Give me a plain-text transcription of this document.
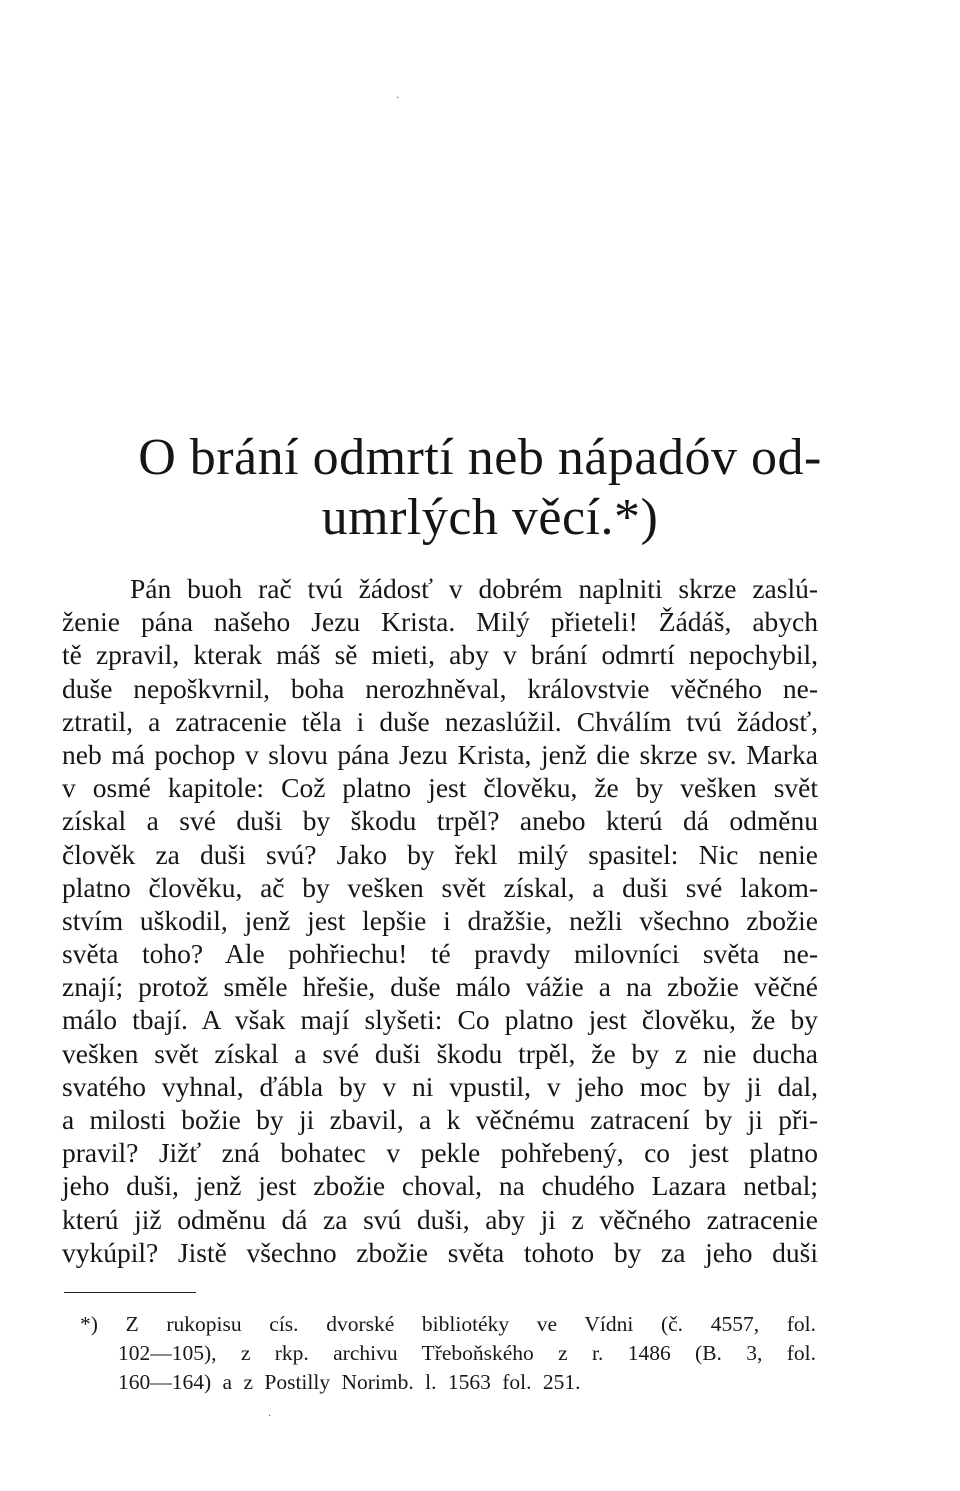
·
O brání odmrtí neb nápadóv od-
umrlých věcí.*)
Pán buoh rač tvú žádosť v dobrém naplniti skrze zaslú-
ženie pána našeho Jezu Krista. Milý přieteli! Žádáš, abych
tě zpravil, kterak máš sě mieti, aby v brání odmrtí nepochybil,
duše nepoškvrnil, boha nerozhněval, královstvie věčného ne-
ztratil, a zatracenie těla i duše nezaslúžil. Chválím tvú žádosť,
neb má pochop v slovu pána Jezu Krista, jenž die skrze sv. Marka
v osmé kapitole: Což platno jest člověku, že by vešken svět
získal a své duši by škodu trpěl? anebo kterú dá odměnu
člověk za duši svú? Jako by řekl milý spasitel: Nic nenie
platno člověku, ač by vešken svět získal, a duši své lakom-
stvím uškodil, jenž jest lepšie i dražšie, nežli všechno zbožie
světa toho? Ale pohřiechu! té pravdy milovníci světa ne-
znají; protož směle hřešie, duše málo vážie a na zbožie věčné
málo tbají. A však mají slyšeti: Co platno jest člověku, že by
vešken svět získal a své duši škodu trpěl, že by z nie ducha
svatého vyhnal, ďábla by v ni vpustil, v jeho moc by ji dal,
a milosti božie by ji zbavil, a k věčnému zatracení by ji při-
pravil? Jižť zná bohatec v pekle pohřebený, co jest platno
jeho duši, jenž jest zbožie choval, na chudého Lazara netbal;
kterú již odměnu dá za svú duši, aby ji z věčného zatracenie
vykúpil? Jistě všechno zbožie světa tohoto by za jeho duši
*) Z rukopisu cís. dvorské bibliotéky ve Vídni (č. 4557, fol.
102—105), z rkp. archivu Třeboňského z r. 1486 (B. 3, fol.
160—164) a z Postilly Norimb. l. 1563 fol. 251.
·
